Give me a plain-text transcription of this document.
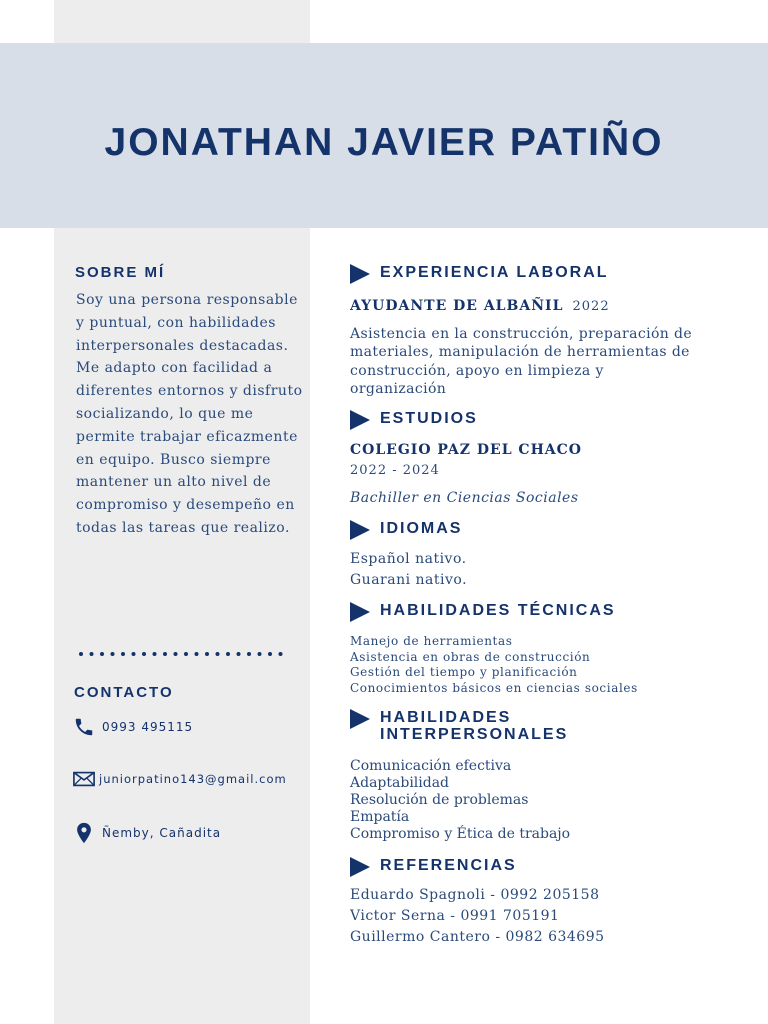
JONATHAN JAVIER PATIÑO
SOBRE MÍ

Soy una persona responsable y puntual, con habilidades interpersonales destacadas. Me adapto con facilidad a diferentes entornos y disfruto socializando, lo que me permite trabajar eficazmente en equipo. Busco siempre mantener un alto nivel de compromiso y desempeño en todas las tareas que realizo.

CONTACTO
0993 495115
juniorpatino143@gmail.com
Ñemby, Cañadita
EXPERIENCIA LABORAL

AYUDANTE DE ALBAÑIL 2022

Asistencia en la construcción, preparación de materiales, manipulación de herramientas de construcción, apoyo en limpieza y organización

ESTUDIOS

COLEGIO PAZ DEL CHACO

2022 - 2024

Bachiller en Ciencias Sociales

IDIOMAS

Español nativo.

Guarani nativo.

HABILIDADES TÉCNICAS

Manejo de herramientas

Asistencia en obras de construcción

Gestión del tiempo y planificación

Conocimientos básicos en ciencias sociales

HABILIDADES
INTERPERSONALES

Comunicación efectiva

Adaptabilidad

Resolución de problemas

Empatía

Compromiso y Ética de trabajo

REFERENCIAS

Eduardo Spagnoli - 0992 205158

Victor Serna - 0991 705191

Guillermo Cantero - 0982 634695
